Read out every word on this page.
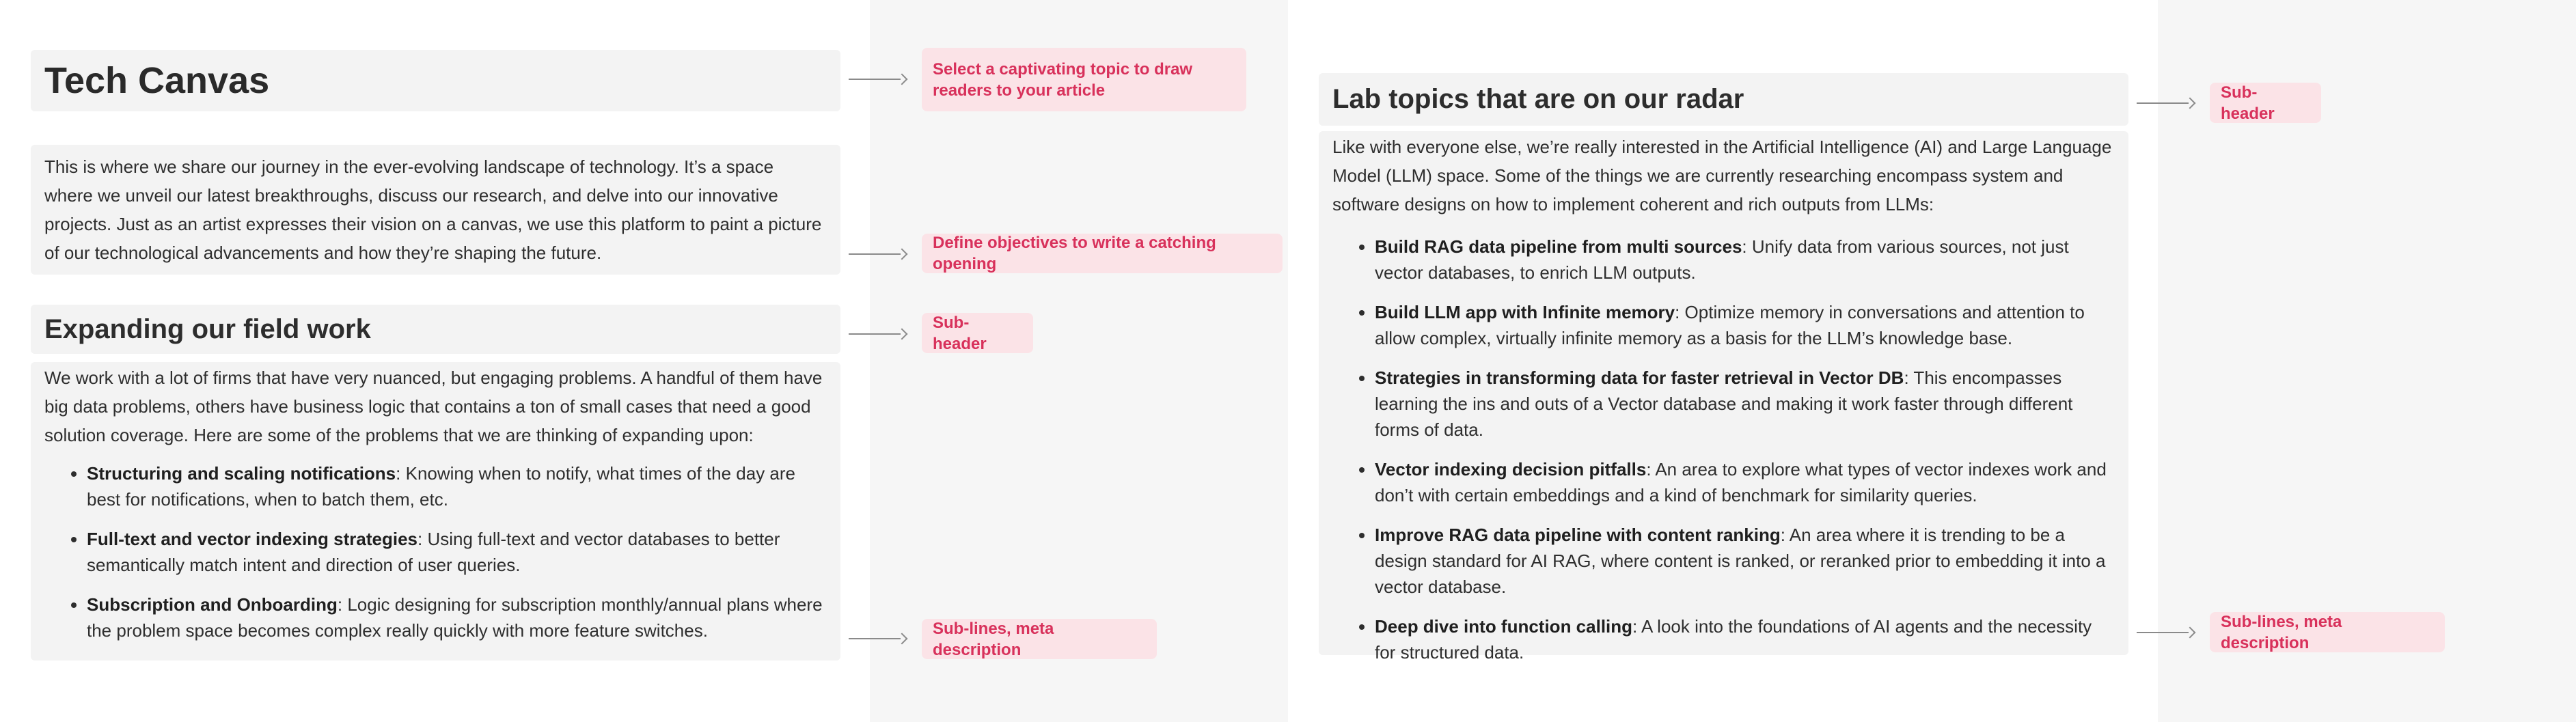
Tech Canvas

This is where we share our journey in the ever-evolving landscape of technology. It’s a space where we unveil our latest breakthroughs, discuss our research, and delve into our innovative projects. Just as an artist expresses their vision on a canvas, we use this platform to paint a picture of our technological advancements and how they’re shaping the future.

Expanding our field work

We work with a lot of firms that have very nuanced, but engaging problems. A handful of them have big data problems, others have business logic that contains a ton of small cases that need a good solution coverage. Here are some of the problems that we are thinking of expanding upon:

• Structuring and scaling notifications: Knowing when to notify, what times of the day are best for notifications, when to batch them, etc.
• Full-text and vector indexing strategies: Using full-text and vector databases to better semantically match intent and direction of user queries.
• Subscription and Onboarding: Logic designing for subscription monthly/annual plans where the problem space becomes complex really quickly with more feature switches.
Select a captivating topic to draw readers to your article
Define objectives to write a catching opening
Sub-header
Sub-lines, meta description
Lab topics that are on our radar

Like with everyone else, we’re really interested in the Artificial Intelligence (AI) and Large Language Model (LLM) space. Some of the things we are currently researching encompass system and software designs on how to implement coherent and rich outputs from LLMs:

• Build RAG data pipeline from multi sources: Unify data from various sources, not just vector databases, to enrich LLM outputs.
• Build LLM app with Infinite memory: Optimize memory in conversations and attention to allow complex, virtually infinite memory as a basis for the LLM’s knowledge base.
• Strategies in transforming data for faster retrieval in Vector DB: This encompasses learning the ins and outs of a Vector database and making it work faster through different forms of data.
• Vector indexing decision pitfalls: An area to explore what types of vector indexes work and don’t with certain embeddings and a kind of benchmark for similarity queries.
• Improve RAG data pipeline with content ranking: An area where it is trending to be a design standard for AI RAG, where content is ranked, or reranked prior to embedding it into a vector database.
• Deep dive into function calling: A look into the foundations of AI agents and the necessity for structured data.
Sub-header
Sub-lines, meta description
